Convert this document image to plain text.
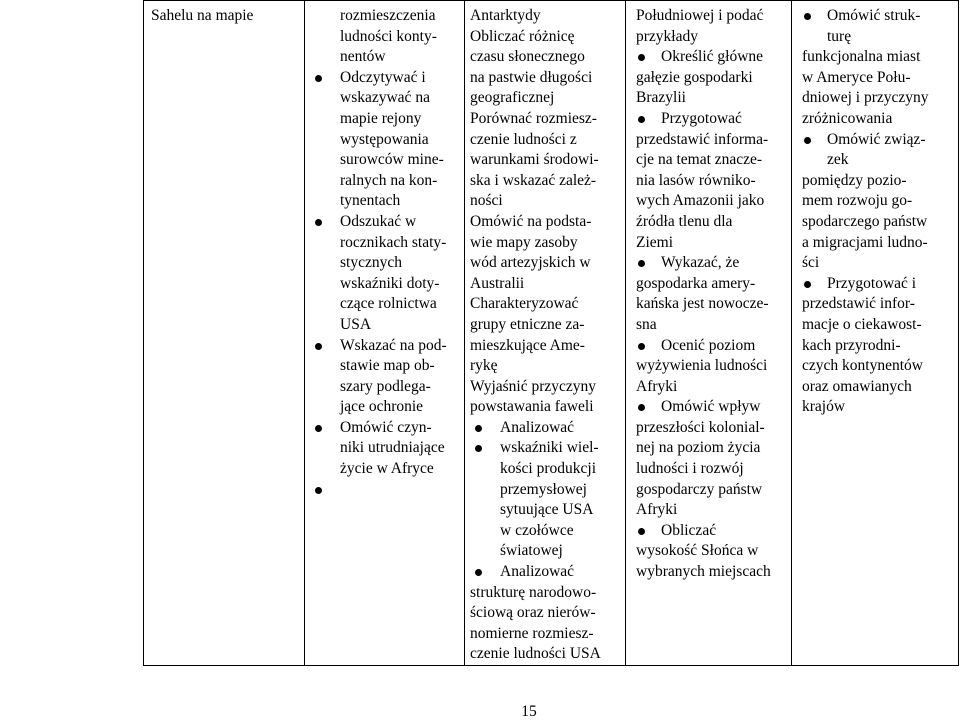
Sahelu na mapie	rozmieszczenia
ludności konty-
nentów
Odczytywać i
wskazywać na
mapie rejony
występowania
surowców mine-
ralnych na kon-
tynentach
Odszukać w
rocznikach staty-
stycznych
wskaźniki doty-
czące rolnictwa
USA
Wskazać na pod-
stawie map ob-
szary podlega-
jące ochronie
Omówić czyn-
niki utrudniające
życie w Afryce

Antarktydy
Obliczać różnicę
czasu słonecznego
na pastwie długości
geograficznej
Porównać rozmiesz-
czenie ludności z
warunkami środowi-
ska i wskazać zależ-
ności
Omówić na podsta-
wie mapy zasoby
wód artezyjskich w
Australii
Charakteryzować
grupy etniczne za-
mieszkujące Ame-
rykę
Wyjaśnić przyczyny
powstawania faweli
Analizować
wskaźniki wiel-
kości produkcji
przemysłowej
sytuujące USA
w czołówce
światowej
Analizować
strukturę narodowo-
ściową oraz nierów-
nomierne rozmiesz-
czenie ludności USA

Południowej i podać
przykłady
Określić główne
gałęzie gospodarki
Brazylii
Przygotować
przedstawić informa-
cje na temat znacze-
nia lasów równiko-
wych Amazonii jako
źródła tlenu dla
Ziemi
Wykazać, że
gospodarka amery-
kańska jest nowocze-
sna
Ocenić poziom
wyżywienia ludności
Afryki
Omówić wpływ
przeszłości kolonial-
nej na poziom życia
ludności i rozwój
gospodarczy państw
Afryki
Obliczać
wysokość Słońca w
wybranych miejscach

Omówić struk-
turę
funkcjonalna miast
w Ameryce Połu-
dniowej i przyczyny
zróżnicowania
Omówić związ-
zek
pomiędzy pozio-
mem rozwoju go-
spodarczego państw
a migracjami ludno-
ści
Przygotować i
przedstawić infor-
macje o ciekawost-
kach przyrodni-
czych kontynentów
oraz omawianych
krajów
15
